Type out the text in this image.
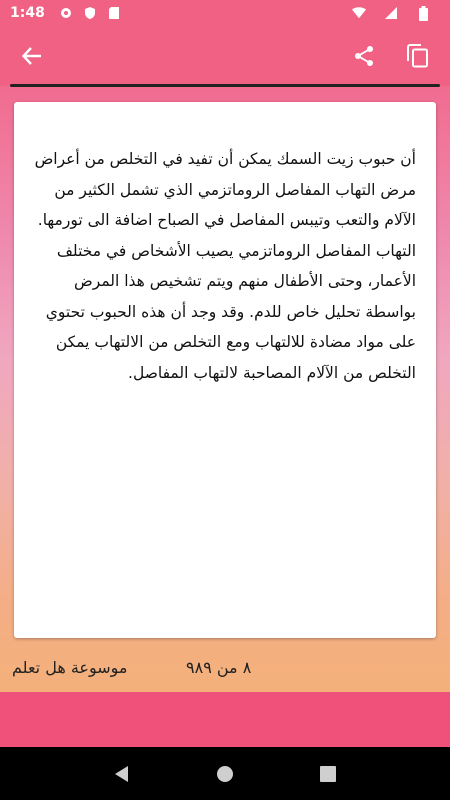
1:48

أن حبوب زيت السمك يمكن أن تفيد في التخلص من أعراض مرض التهاب المفاصل الروماتزمي الذي تشمل الكثير من الآلام والتعب وتيبس المفاصل في الصباح اضافة الى تورمها. التهاب المفاصل الروماتزمي يصيب الأشخاص في مختلف الأعمار، وحتى الأطفال منهم ويتم تشخيص هذا المرض بواسطة تحليل خاص للدم. وقد وجد أن هذه الحبوب تحتوي على مواد مضادة للالتهاب ومع التخلص من الالتهاب يمكن التخلص من الآلام المصاحبة لالتهاب المفاصل.

٨ من ٩٨٩
موسوعة هل تعلم
